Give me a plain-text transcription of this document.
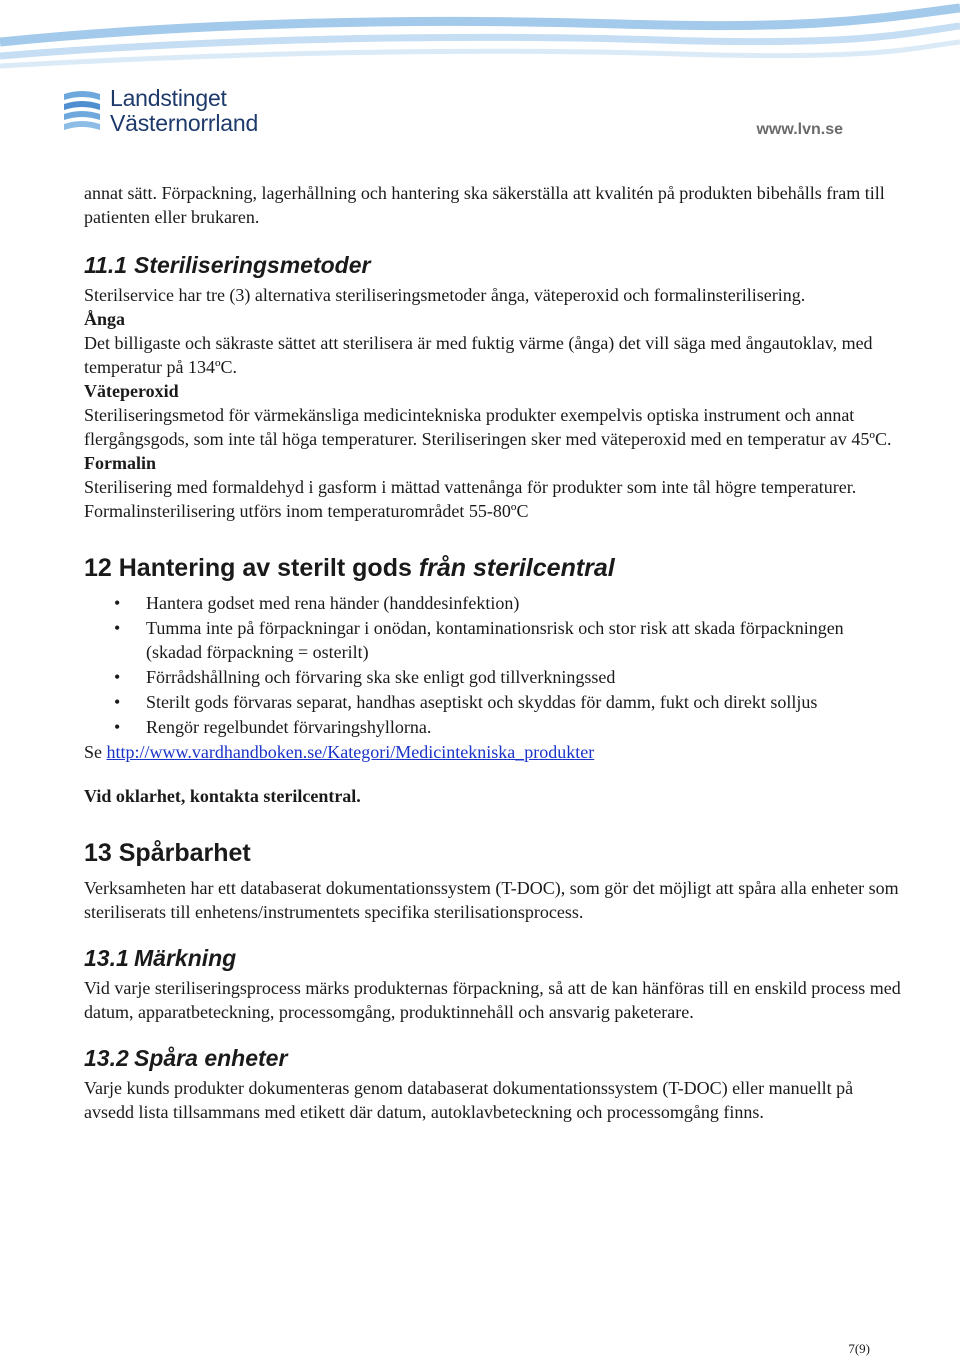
Landstinget
Västernorrland	www.lvn.se

annat sätt. Förpackning, lagerhållning och hantering ska säkerställa att kvalitén på produkten bibehålls fram till patienten eller brukaren.

11.1 Steriliseringsmetoder

Sterilservice har tre (3) alternativa steriliseringsmetoder ånga, väteperoxid och formalinsterilisering.

Ånga

Det billigaste och säkraste sättet att sterilisera är med fuktig värme (ånga) det vill säga med ångautoklav, med temperatur på 134ºC.

Väteperoxid

Steriliseringsmetod för värmekänsliga medicintekniska produkter exempelvis optiska instrument och annat flergångsgods, som inte tål höga temperaturer. Steriliseringen sker med väteperoxid med en temperatur av 45ºC.

Formalin

Sterilisering med formaldehyd i gasform i mättad vattenånga för produkter som inte tål högre temperaturer. Formalinsterilisering utförs inom temperaturområdet 55-80ºC

12 Hantering av sterilt gods från sterilcentral
• Hantera godset med rena händer (handdesinfektion)
• Tumma inte på förpackningar i onödan, kontaminationsrisk och stor risk att skada förpackningen (skadad förpackning = osterilt)
• Förrådshållning och förvaring ska ske enligt god tillverkningssed
• Sterilt gods förvaras separat, handhas aseptiskt och skyddas för damm, fukt och direkt solljus
• Rengör regelbundet förvaringshyllorna.

Se http://www.vardhandboken.se/Kategori/Medicintekniska_produkter

Vid oklarhet, kontakta sterilcentral.

13 Spårbarhet

Verksamheten har ett databaserat dokumentationssystem (T-DOC), som gör det möjligt att spåra alla enheter som steriliserats till enhetens/instrumentets specifika sterilisationsprocess.

13.1 Märkning

Vid varje steriliseringsprocess märks produkternas förpackning, så att de kan hänföras till en enskild process med datum, apparatbeteckning, processomgång, produktinnehåll och ansvarig paketerare.

13.2 Spåra enheter

Varje kunds produkter dokumenteras genom databaserat dokumentationssystem (T-DOC) eller manuellt på avsedd lista tillsammans med etikett där datum, autoklavbeteckning och processomgång finns.

7(9)
